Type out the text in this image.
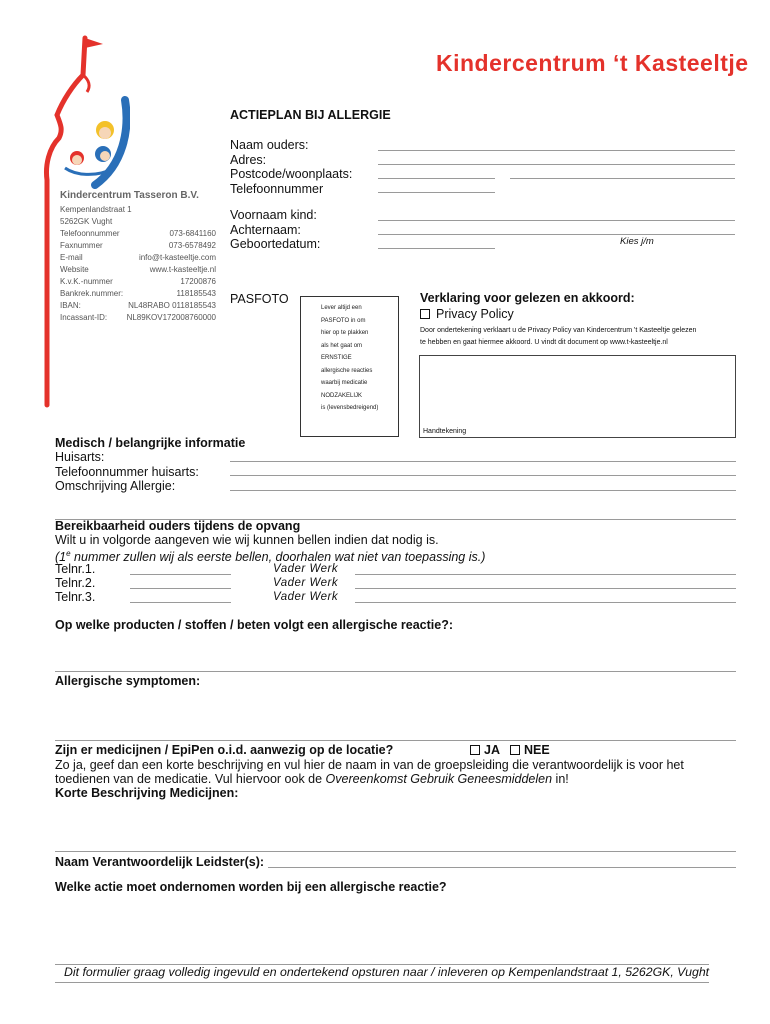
Kindercentrum ‘t Kasteeltje
ACTIEPLAN BIJ ALLERGIE
Naam ouders:
Adres:
Postcode/woonplaats:
Telefoonnummer
Kindercentrum Tasseron B.V.
Kempenlandstraat 1
5262GK Vught
Telefoonnummer	073-6841160
Faxnummer	073-6578492
E-mail	info@t-kasteeltje.com
Website	www.t-kasteeltje.nl
K.v.K.-nummer	17200876
Bankrek.nummer:	118185543
IBAN:	NL48RABO 0118185543
Incassant-ID: NL89KOV172008760000
Voornaam kind:
Achternaam:
Geboortedatum:	Kies j/m
PASFOTO
Lever altijd een
PASFOTO in om
hier op te plakken
als het gaat om
ERNSTIGE
allergische reacties
waarbij medicatie
NODZAKELIJK
is (levensbedreigend)
Verklaring voor gelezen en akkoord:
Privacy Policy
Door ondertekening verklaart u de Privacy Policy van Kindercentrum 't Kasteeltje gelezen
te hebben en gaat hiermee akkoord. U vindt dit document op www.t-kasteeltje.nl
Handtekening
Medisch / belangrijke informatie
Huisarts:
Telefoonnummer huisarts:
Omschrijving Allergie:
Bereikbaarheid ouders tijdens de opvang
Wilt u in volgorde aangeven wie wij kunnen bellen indien dat nodig is.
(1e nummer zullen wij als eerste bellen, doorhalen wat niet van toepassing is.)
Telnr.1.	Vader Werk
Telnr.2.	Vader Werk
Telnr.3.	Vader Werk
Op welke producten / stoffen / beten volgt een allergische reactie?:
Allergische symptomen:
Zijn er medicijnen / EpiPen o.i.d. aanwezig op de locatie?	JA NEE
Zo ja, geef dan een korte beschrijving en vul hier de naam in van de groepsleiding die verantwoordelijk is voor het
toedienen van de medicatie. Vul hiervoor ook de Overeenkomst Gebruik Geneesmiddelen in!
Korte Beschrijving Medicijnen:
Naam Verantwoordelijk Leidster(s):
Welke actie moet ondernomen worden bij een allergische reactie?
Dit formulier graag volledig ingevuld en ondertekend opsturen naar / inleveren op Kempenlandstraat 1, 5262GK, Vught
